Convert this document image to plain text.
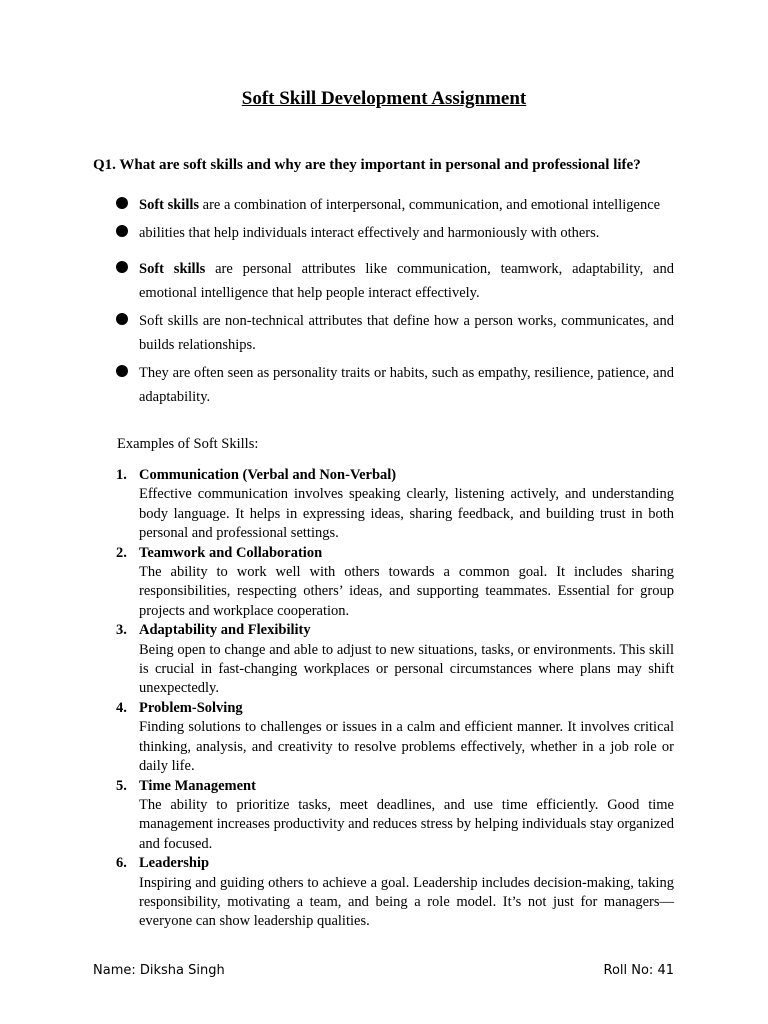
Soft Skill Development Assignment

Q1. What are soft skills and why are they important in personal and professional life?

Soft skills are a combination of interpersonal, communication, and emotional intelligence
abilities that help individuals interact effectively and harmoniously with others.
Soft skills are personal attributes like communication, teamwork, adaptability, and emotional intelligence that help people interact effectively.
Soft skills are non-technical attributes that define how a person works, communicates, and builds relationships.
They are often seen as personality traits or habits, such as empathy, resilience, patience, and adaptability.

Examples of Soft Skills:

1. Communication (Verbal and Non-Verbal)
Effective communication involves speaking clearly, listening actively, and understanding body language. It helps in expressing ideas, sharing feedback, and building trust in both personal and professional settings.
2. Teamwork and Collaboration
The ability to work well with others towards a common goal. It includes sharing responsibilities, respecting others’ ideas, and supporting teammates. Essential for group projects and workplace cooperation.
3. Adaptability and Flexibility
Being open to change and able to adjust to new situations, tasks, or environments. This skill is crucial in fast-changing workplaces or personal circumstances where plans may shift unexpectedly.
4. Problem-Solving
Finding solutions to challenges or issues in a calm and efficient manner. It involves critical thinking, analysis, and creativity to resolve problems effectively, whether in a job role or daily life.
5. Time Management
The ability to prioritize tasks, meet deadlines, and use time efficiently. Good time management increases productivity and reduces stress by helping individuals stay organized and focused.
6. Leadership
Inspiring and guiding others to achieve a goal. Leadership includes decision-making, taking responsibility, motivating a team, and being a role model. It’s not just for managers—everyone can show leadership qualities.
Name: Diksha Singh	Roll No: 41
